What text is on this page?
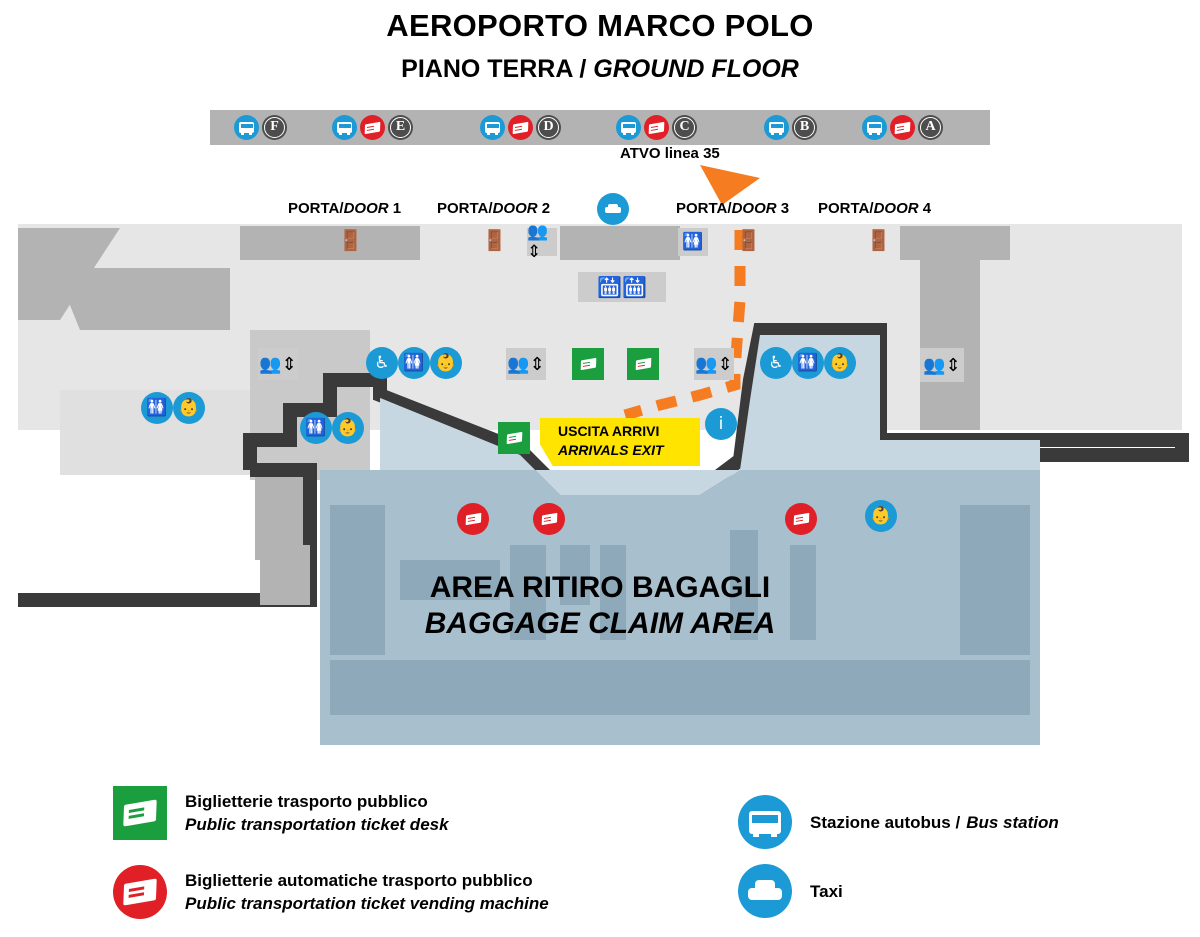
AEROPORTO MARCO POLO
PIANO TERRA / GROUND FLOOR
F	E	D	C	B	A
ATVO linea 35
PORTA/DOOR 1 PORTA/DOOR 2	PORTA/DOOR 3 PORTA/DOOR 4
🚪	🚪 👥⇕
🚻 🚪	🚪
🛗🛗
👥⇕	👥⇕	👥⇕	👥⇕
🚻 👶
♿ 🚻 👶
🚻 👶
♿ 🚻 👶
👶
i
USCITA ARRIVI
ARRIVALS EXIT
AREA RITIRO BAGAGLI
BAGGAGE CLAIM AREA
Biglietterie trasporto pubblico
Public transportation ticket desk
Biglietterie automatiche trasporto pubblico
Public transportation ticket vending machine
Stazione autobus / Bus station
Taxi
